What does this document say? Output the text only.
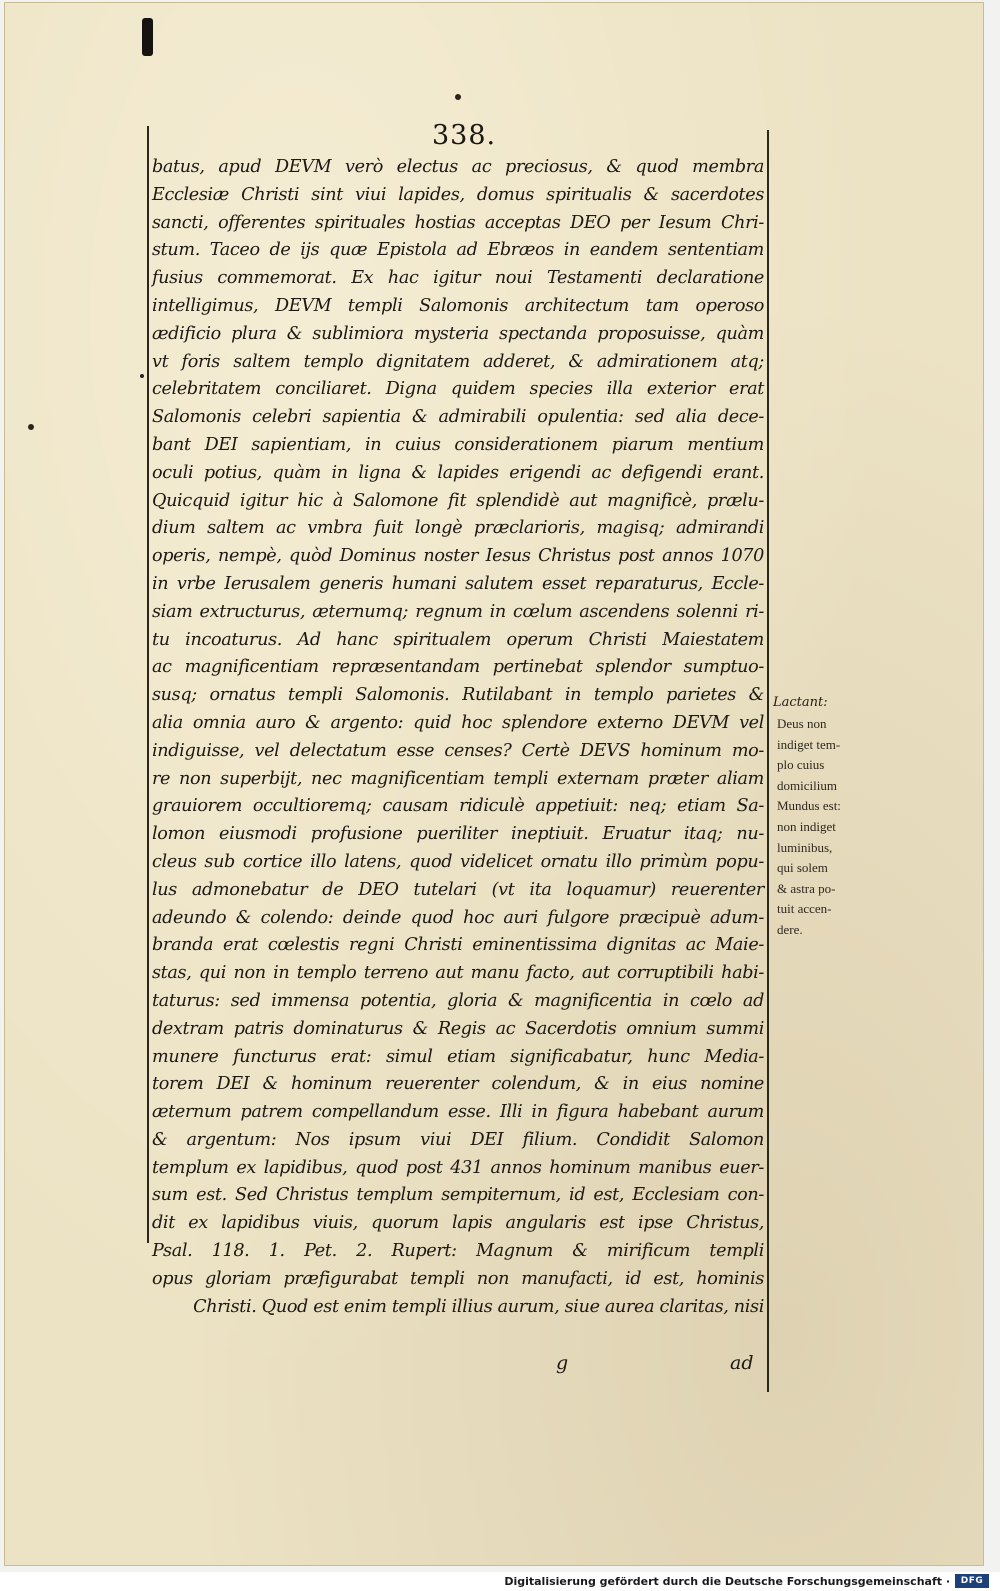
338.
batus, apud DEVM verò electus ac preciosus, & quod membra
Ecclesiæ Christi sint viui lapides, domus spiritualis & sacerdotes
sancti, offerentes spirituales hostias acceptas DEO per Iesum Chri-
stum. Taceo de ijs quæ Epistola ad Ebræos in eandem sententiam
fusius commemorat. Ex hac igitur noui Testamenti declaratione
intelligimus, DEVM templi Salomonis architectum tam operoso
ædificio plura & sublimiora mysteria spectanda proposuisse, quàm
vt foris saltem templo dignitatem adderet, & admirationem atq;
celebritatem conciliaret. Digna quidem species illa exterior erat
Salomonis celebri sapientia & admirabili opulentia: sed alia dece-
bant DEI sapientiam, in cuius considerationem piarum mentium
oculi potius, quàm in ligna & lapides erigendi ac defigendi erant.
Quicquid igitur hic à Salomone fit splendidè aut magnificè, prælu-
dium saltem ac vmbra fuit longè præclarioris, magisq; admirandi
operis, nempè, quòd Dominus noster Iesus Christus post annos 1070
in vrbe Ierusalem generis humani salutem esset reparaturus, Eccle-
siam extructurus, æternumq; regnum in cœlum ascendens solenni ri-
tu incoaturus. Ad hanc spiritualem operum Christi Maiestatem
ac magnificentiam repræsentandam pertinebat splendor sumptuo-
susq; ornatus templi Salomonis. Rutilabant in templo parietes &
alia omnia auro & argento: quid hoc splendore externo DEVM vel
indiguisse, vel delectatum esse censes? Certè DEVS hominum mo-
re non superbijt, nec magnificentiam templi externam præter aliam
grauiorem occultioremq; causam ridiculè appetiuit: neq; etiam Sa-
lomon eiusmodi profusione pueriliter ineptiuit. Eruatur itaq; nu-
cleus sub cortice illo latens, quod videlicet ornatu illo primùm popu-
lus admonebatur de DEO tutelari (vt ita loquamur) reuerenter
adeundo & colendo: deinde quod hoc auri fulgore præcipuè adum-
branda erat cœlestis regni Christi eminentissima dignitas ac Maie-
stas, qui non in templo terreno aut manu facto, aut corruptibili habi-
taturus: sed immensa potentia, gloria & magnificentia in cœlo ad
dextram patris dominaturus & Regis ac Sacerdotis omnium summi
munere functurus erat: simul etiam significabatur, hunc Media-
torem DEI & hominum reuerenter colendum, & in eius nomine
æternum patrem compellandum esse. Illi in figura habebant aurum
& argentum: Nos ipsum viui DEI filium. Condidit Salomon
templum ex lapidibus, quod post 431 annos hominum manibus euer-
sum est. Sed Christus templum sempiternum, id est, Ecclesiam con-
dit ex lapidibus viuis, quorum lapis angularis est ipse Christus,
Psal. 118. 1. Pet. 2. Rupert: Magnum & mirificum templi
opus gloriam præfigurabat templi non manufacti, id est, hominis
Christi. Quod est enim templi illius aurum, siue aurea claritas, nisi
Lactant:
Deus non
indiget tem-
plo cuius
domicilium
Mundus est:
non indiget
luminibus,
qui solem
& astra po-
tuit accen-
dere.
g	ad
Digitalisierung gefördert durch die Deutsche Forschungsgemeinschaft ·	DFG
